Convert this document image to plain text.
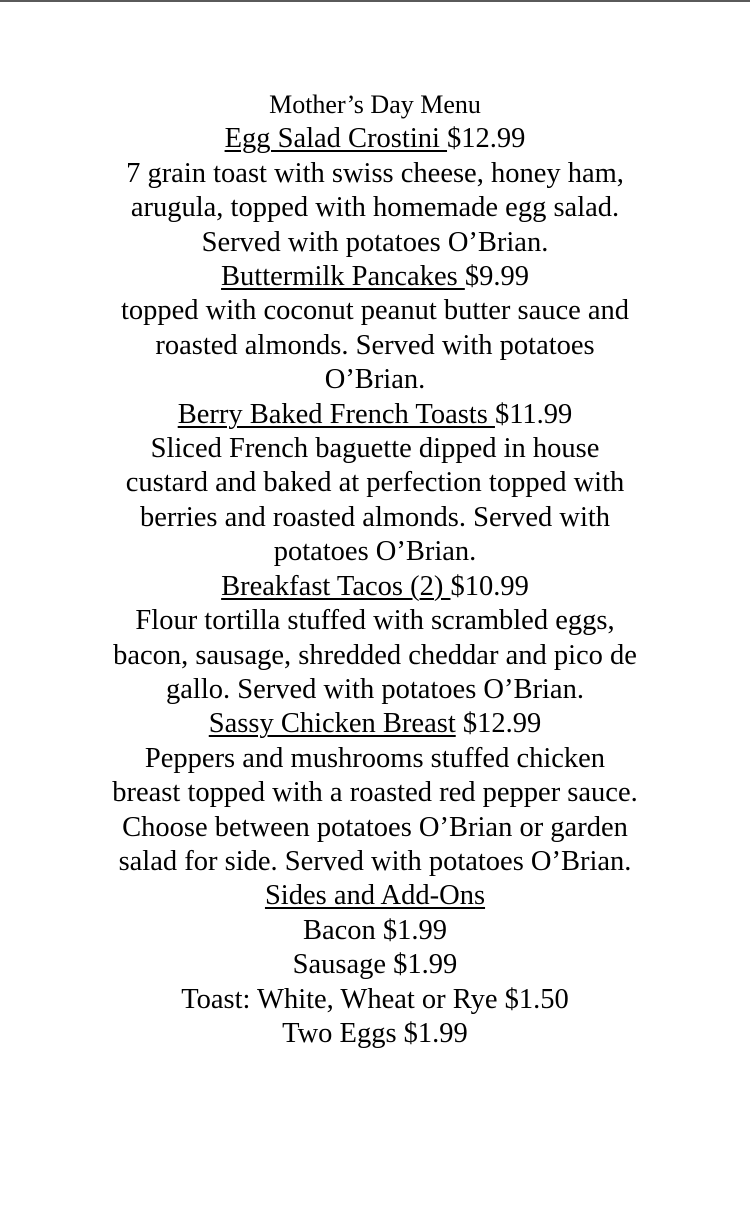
Mother’s Day Menu
Egg Salad Crostini $12.99
7 grain toast with swiss cheese, honey ham,
arugula, topped with homemade egg salad.
Served with potatoes O’Brian.
Buttermilk Pancakes $9.99
topped with coconut peanut butter sauce and
roasted almonds. Served with potatoes
O’Brian.
Berry Baked French Toasts $11.99
Sliced French baguette dipped in house
custard and baked at perfection topped with
berries and roasted almonds. Served with
potatoes O’Brian.
Breakfast Tacos (2) $10.99
Flour tortilla stuffed with scrambled eggs,
bacon, sausage, shredded cheddar and pico de
gallo. Served with potatoes O’Brian.
Sassy Chicken Breast $12.99
Peppers and mushrooms stuffed chicken
breast topped with a roasted red pepper sauce.
Choose between potatoes O’Brian or garden
salad for side. Served with potatoes O’Brian.
Sides and Add-Ons
Bacon $1.99
Sausage $1.99
Toast: White, Wheat or Rye $1.50
Two Eggs $1.99
